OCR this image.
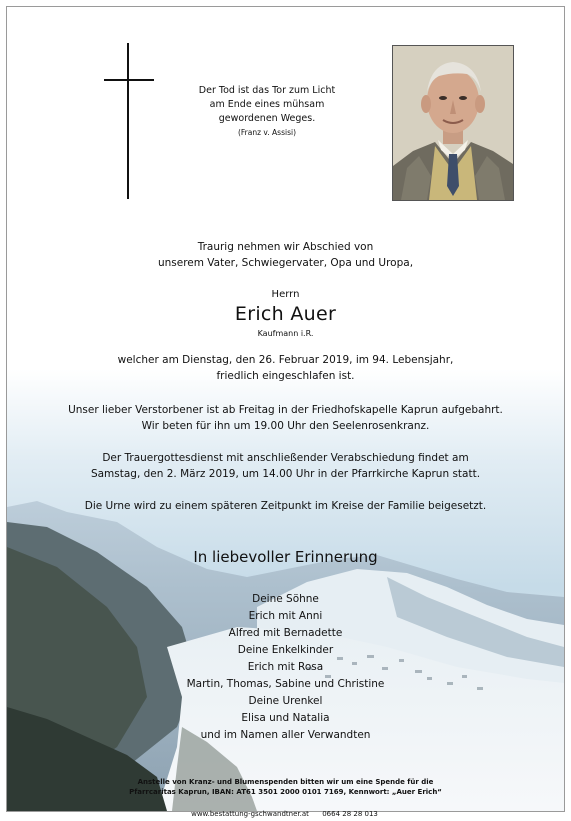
Der Tod ist das Tor zum Licht
am Ende eines mühsam
gewordenen Weges.
(Franz v. Assisi)
Traurig nehmen wir Abschied von
unserem Vater, Schwiegervater, Opa und Uropa,
Herrn
Erich Auer
Kaufmann i.R.
welcher am Dienstag, den 26. Februar 2019, im 94. Lebensjahr,
friedlich eingeschlafen ist.
Unser lieber Verstorbener ist ab Freitag in der Friedhofskapelle Kaprun aufgebahrt.
Wir beten für ihn um 19.00 Uhr den Seelenrosenkranz.
Der Trauergottesdienst mit anschließender Verabschiedung findet am
Samstag, den 2. März 2019, um 14.00 Uhr in der Pfarrkirche Kaprun statt.
Die Urne wird zu einem späteren Zeitpunkt im Kreise der Familie beigesetzt.
In liebevoller Erinnerung
Deine Söhne
Erich mit Anni
Alfred mit Bernadette
Deine Enkelkinder
Erich mit Rosa
Martin, Thomas, Sabine und Christine
Deine Urenkel
Elisa und Natalia
und im Namen aller Verwandten
Anstelle von Kranz- und Blumenspenden bitten wir um eine Spende für die
Pfarrcaritas Kaprun, IBAN: AT61 3501 2000 0101 7169, Kennwort: „Auer Erich“
www.bestattung-gschwandtner.at      0664 28 28 013
